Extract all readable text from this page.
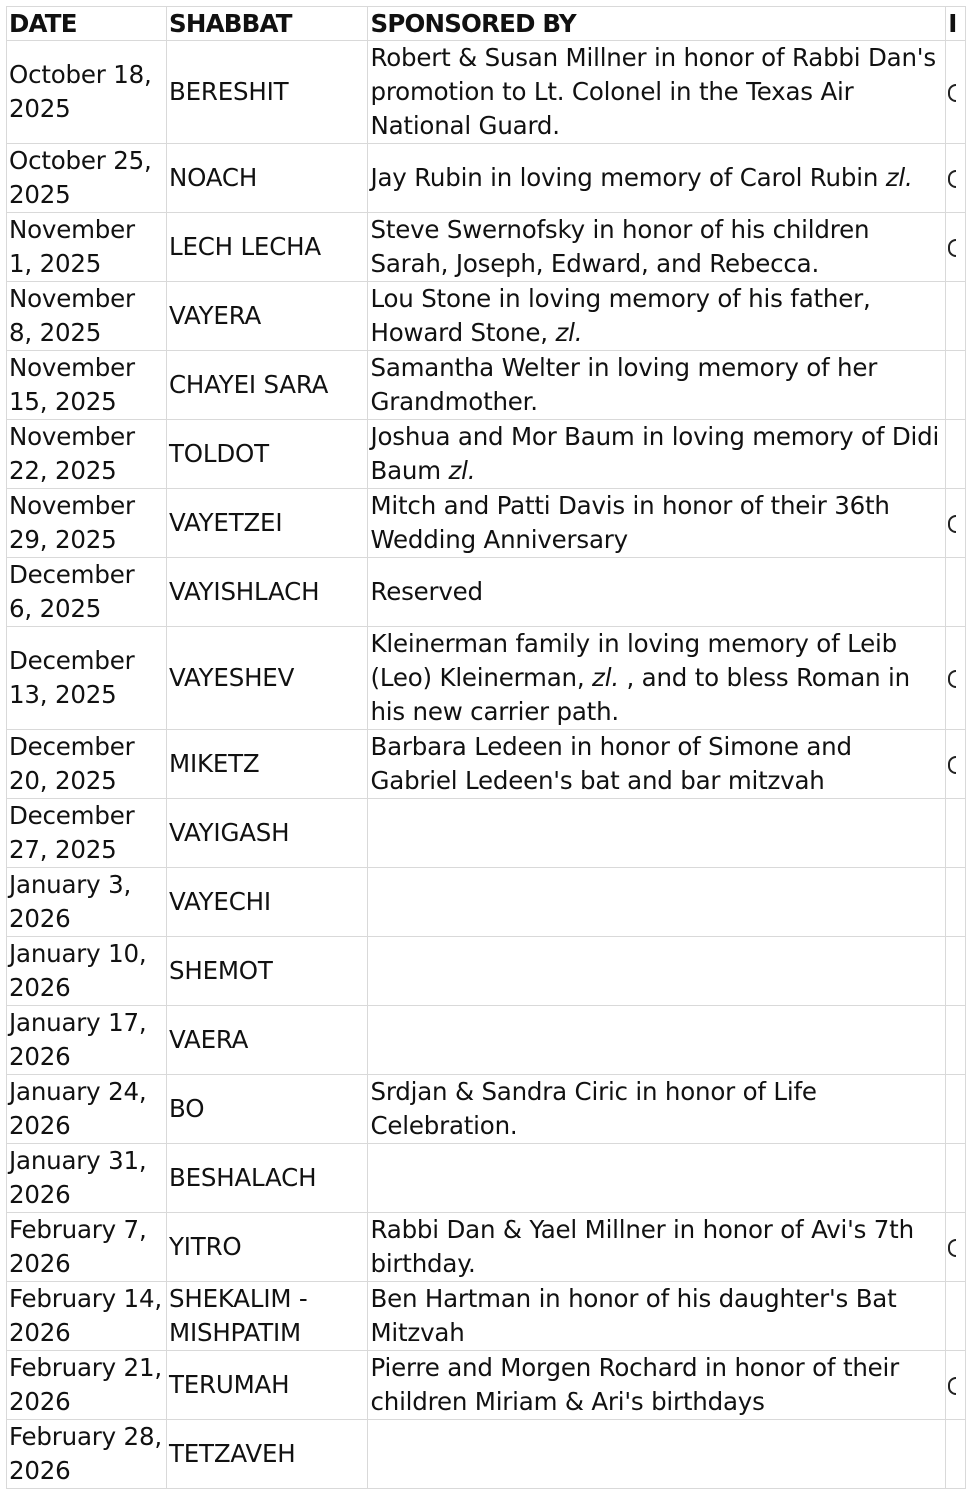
DATE	SHABBAT	SPONSORED BY	I
October 18, 2025	BERESHIT	Robert & Susan Millner in honor of Rabbi Dan's promotion to Lt. Colonel in the Texas Air National Guard.	
October 25, 2025	NOACH	Jay Rubin in loving memory of Carol Rubin zl.	
November 1, 2025	LECH LECHA	Steve Swernofsky in honor of his children Sarah, Joseph, Edward, and Rebecca.	
November 8, 2025	VAYERA	Lou Stone in loving memory of his father, Howard Stone, zl.	
November 15, 2025	CHAYEI SARA	Samantha Welter in loving memory of her Grandmother.	
November 22, 2025	TOLDOT	Joshua and Mor Baum in loving memory of Didi Baum zl.	
November 29, 2025	VAYETZEI	Mitch and Patti Davis in honor of their 36th Wedding Anniversary	
December 6, 2025	VAYISHLACH	Reserved	
December 13, 2025	VAYESHEV	Kleinerman family in loving memory of Leib (Leo) Kleinerman, zl. , and to bless Roman in his new carrier path.	
December 20, 2025	MIKETZ	Barbara Ledeen in honor of Simone and Gabriel Ledeen's bat and bar mitzvah	
December 27, 2025	VAYIGASH		
January 3, 2026	VAYECHI		
January 10, 2026	SHEMOT		
January 17, 2026	VAERA		
January 24, 2026	BO	Srdjan & Sandra Ciric in honor of Life Celebration.	
January 31, 2026	BESHALACH		
February 7, 2026	YITRO	Rabbi Dan & Yael Millner in honor of Avi's 7th birthday.	
February 14, 2026	SHEKALIM - MISHPATIM	Ben Hartman in honor of his daughter's Bat Mitzvah	
February 21, 2026	TERUMAH	Pierre and Morgen Rochard in honor of their children Miriam & Ari's birthdays	
February 28, 2026	TETZAVEH		
